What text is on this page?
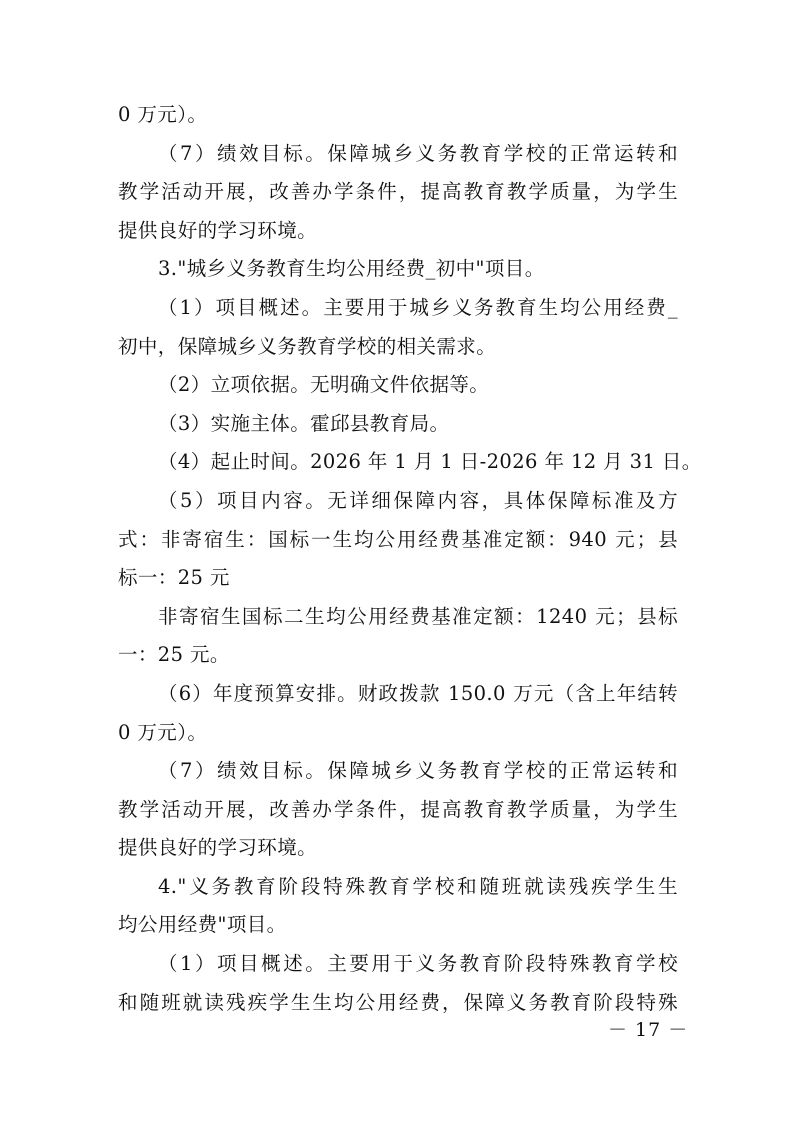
0 万元）。
（7）绩效目标。保障城乡义务教育学校的正常运转和
教学活动开展，改善办学条件，提高教育教学质量，为学生
提供良好的学习环境。
3."城乡义务教育生均公用经费_初中"项目。
（1）项目概述。主要用于城乡义务教育生均公用经费_
初中，保障城乡义务教育学校的相关需求。
（2）立项依据。无明确文件依据等。
（3）实施主体。霍邱县教育局。
（4）起止时间。2026 年 1 月 1 日-2026 年 12 月 31 日。
（5）项目内容。无详细保障内容，具体保障标准及方
式：非寄宿生：国标一生均公用经费基准定额：940 元；县
标一：25 元
非寄宿生国标二生均公用经费基准定额：1240 元；县标
一：25 元。
（6）年度预算安排。财政拨款 150.0 万元（含上年结转
0 万元）。
（7）绩效目标。保障城乡义务教育学校的正常运转和
教学活动开展，改善办学条件，提高教育教学质量，为学生
提供良好的学习环境。
4."义务教育阶段特殊教育学校和随班就读残疾学生生
均公用经费"项目。
（1）项目概述。主要用于义务教育阶段特殊教育学校
和随班就读残疾学生生均公用经费，保障义务教育阶段特殊
－ 17 －
